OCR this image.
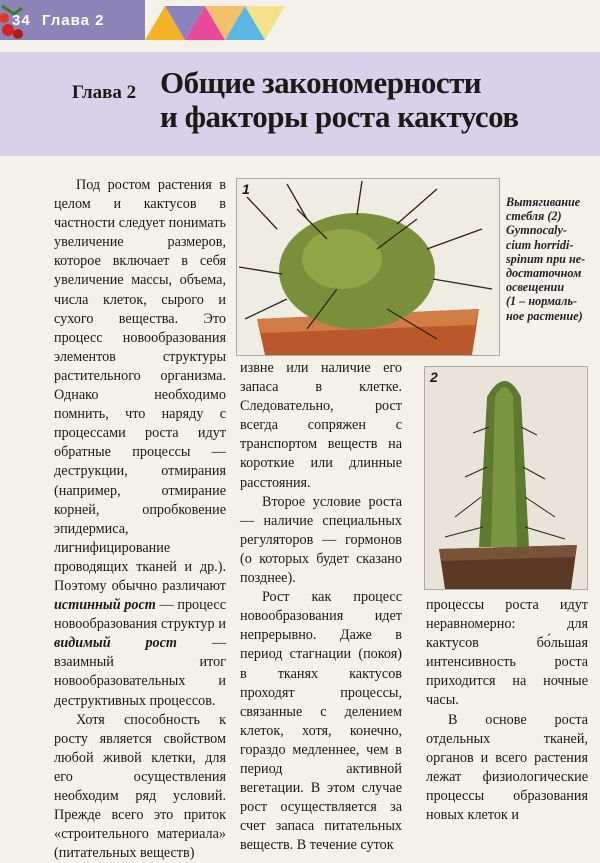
34 Глава 2
Глава 2 Общие закономерности
и факторы роста кактусов
1
2
Вытягивание
стебля (2)
Gymnocaly-
cium horridi-
spinum при не-
достаточном
освещении
(1 – нормаль-
ное растение)

Под ростом растения в целом и кактусов в частности следует понимать увеличение размеров, которое включает в себя увеличение массы, объема, числа клеток, сырого и сухого вещества. Это процесс новообразования элементов структуры растительного организма. Однако необходимо помнить, что наряду с процессами роста идут обратные процессы — деструкции, отмирания (например, отмирание корней, опробковение эпидермиса, лигнифицирование проводящих тканей и др.). Поэтому обычно различают истинный рост — процесс новообразования структур и видимый рост — взаимный итог новообразовательных и деструктивных процессов.

Хотя способность к росту является свойством любой живой клетки, для его осуществления необходим ряд условий. Прежде всего это приток «строительного материала» (питательных веществ)

извне или наличие его запаса в клетке. Следовательно, рост всегда сопряжен с транспортом веществ на короткие или длинные расстояния.

Второе условие роста — наличие специальных регуляторов — гормонов (о которых будет сказано позднее).

Рост как процесс новообразования идет непрерывно. Даже в период стагнации (покоя) в тканях кактусов проходят процессы, связанные с делением клеток, хотя, конечно, гораздо медленнее, чем в период активной вегетации. В этом случае рост осуществляется за счет запаса питательных веществ. В течение суток

процессы роста идут неравномерно: для кактусов бо́льшая интенсивность роста приходится на ночные часы.

В основе роста отдельных тканей, органов и всего растения лежат физиологические процессы образования новых клеток и
